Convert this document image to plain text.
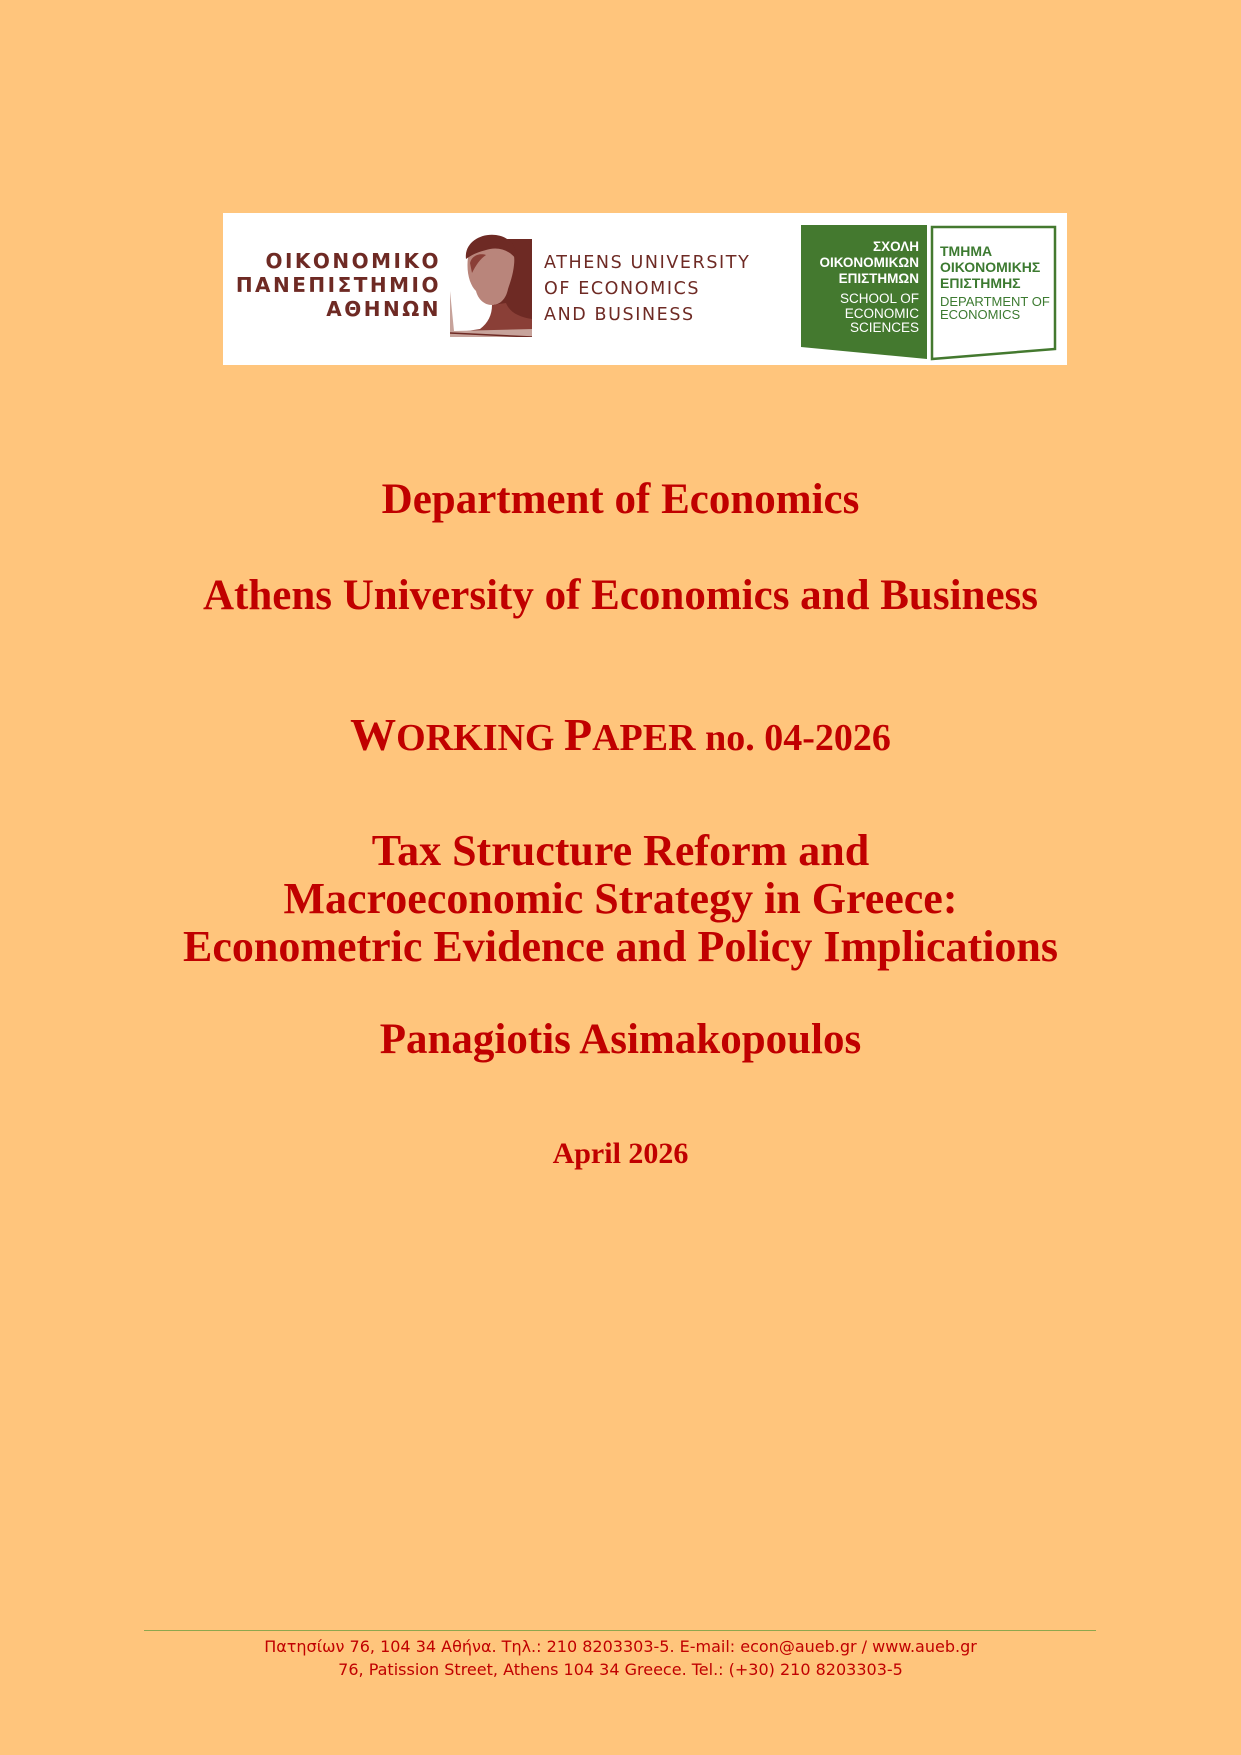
ΟΙΚΟΝΟΜΙΚΟ
ΠΑΝΕΠΙΣΤΗΜΙΟ
ΑΘΗΝΩΝ
ATHENS UNIVERSITY
OF ECONOMICS
AND BUSINESS
ΣΧΟΛΗ
ΟΙΚΟΝΟΜΙΚΩΝ
ΕΠΙΣΤΗΜΩΝ
SCHOOL OF
ECONOMIC
SCIENCES
ΤΜΗΜΑ
ΟΙΚΟΝΟΜΙΚΗΣ
ΕΠΙΣΤΗΜΗΣ
DEPARTMENT OF
ECONOMICS
Department of Economics
Athens University of Economics and Business
WORKING PAPER no. 04-2026
Tax Structure Reform and
Macroeconomic Strategy in Greece:
Econometric Evidence and Policy Implications
Panagiotis Asimakopoulos
April 2026
Πατησίων 76, 104 34 Αθήνα. Τηλ.: 210 8203303-5. E-mail: econ@aueb.gr / www.aueb.gr
76, Patission Street, Athens 104 34 Greece. Tel.: (+30) 210 8203303-5
